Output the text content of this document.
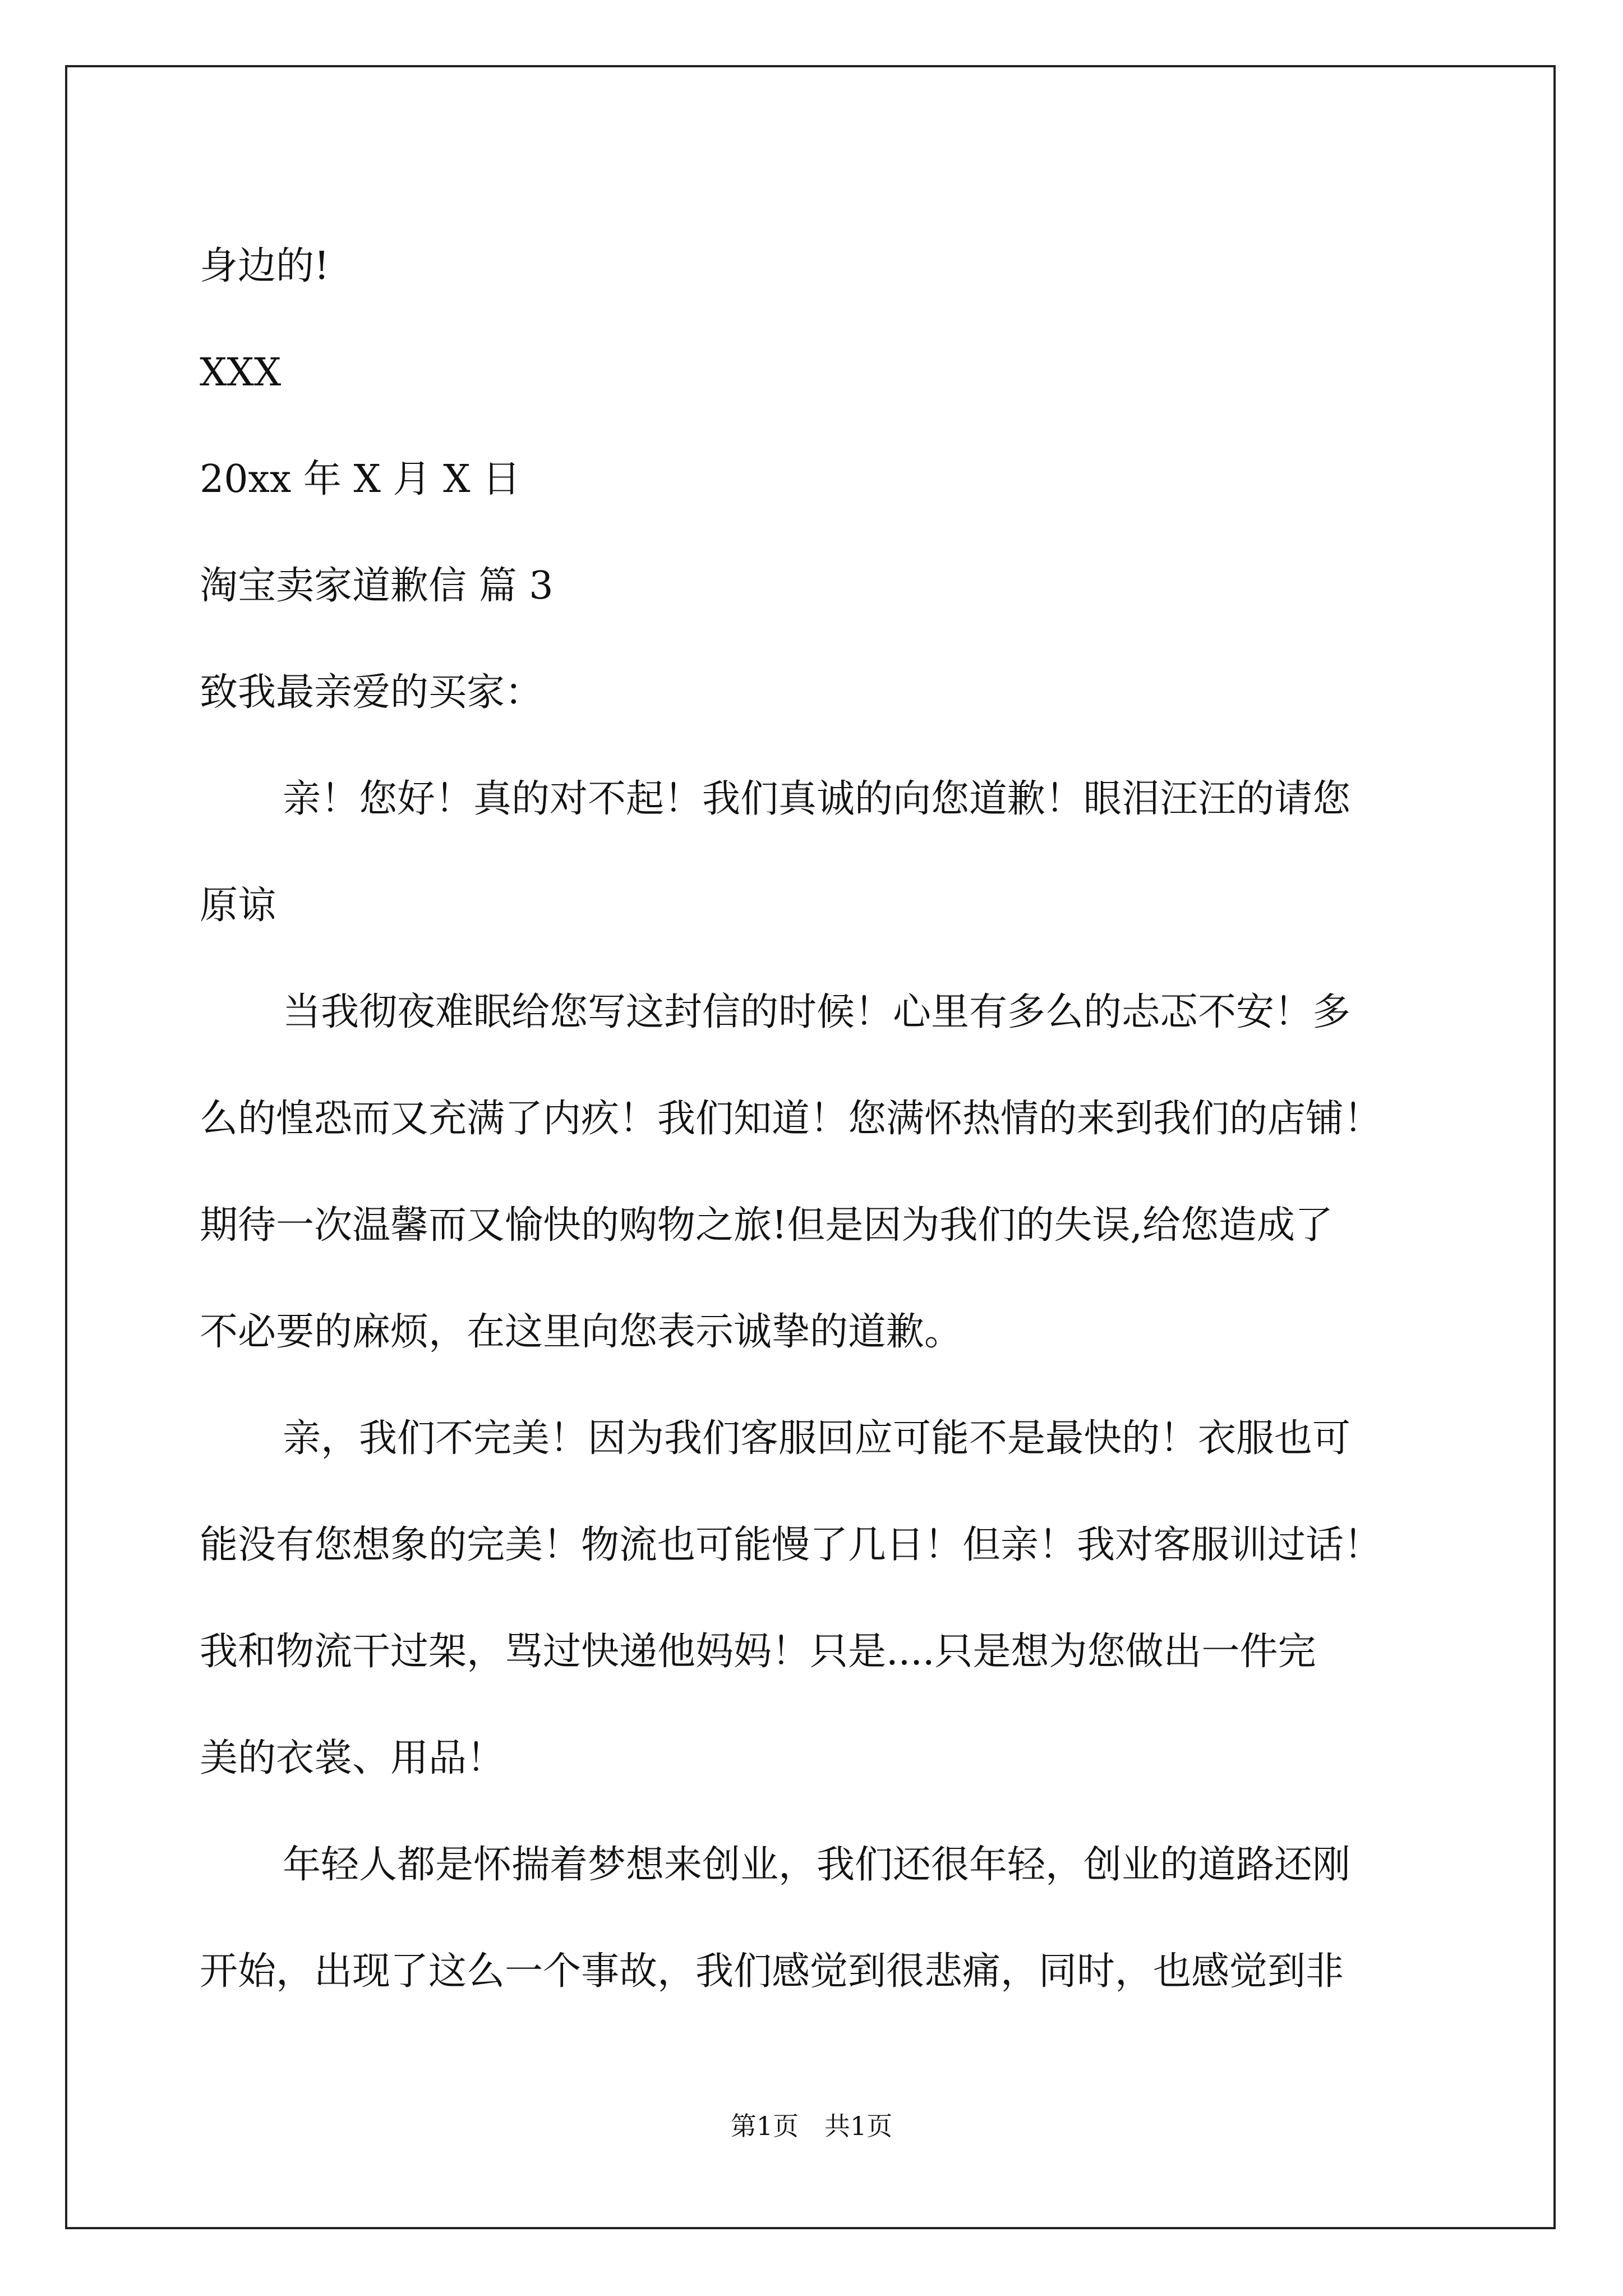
身边的!
XXX
20xx 年 X 月 X 日
淘宝卖家道歉信 篇 3
致我最亲爱的买家：
亲！您好！真的对不起！我们真诚的向您道歉！眼泪汪汪的请您
原谅
当我彻夜难眠给您写这封信的时候！心里有多么的忐忑不安！多
么的惶恐而又充满了内疚！我们知道！您满怀热情的来到我们的店铺！
期待一次温馨而又愉快的购物之旅!但是因为我们的失误,给您造成了
不必要的麻烦，在这里向您表示诚挚的道歉。
亲，我们不完美！因为我们客服回应可能不是最快的！衣服也可
能没有您想象的完美！物流也可能慢了几日！但亲！我对客服训过话！
我和物流干过架，骂过快递他妈妈！只是....只是想为您做出一件完
美的衣裳、用品！
年轻人都是怀揣着梦想来创业，我们还很年轻，创业的道路还刚
开始，出现了这么一个事故，我们感觉到很悲痛，同时，也感觉到非
第1页 共1页
